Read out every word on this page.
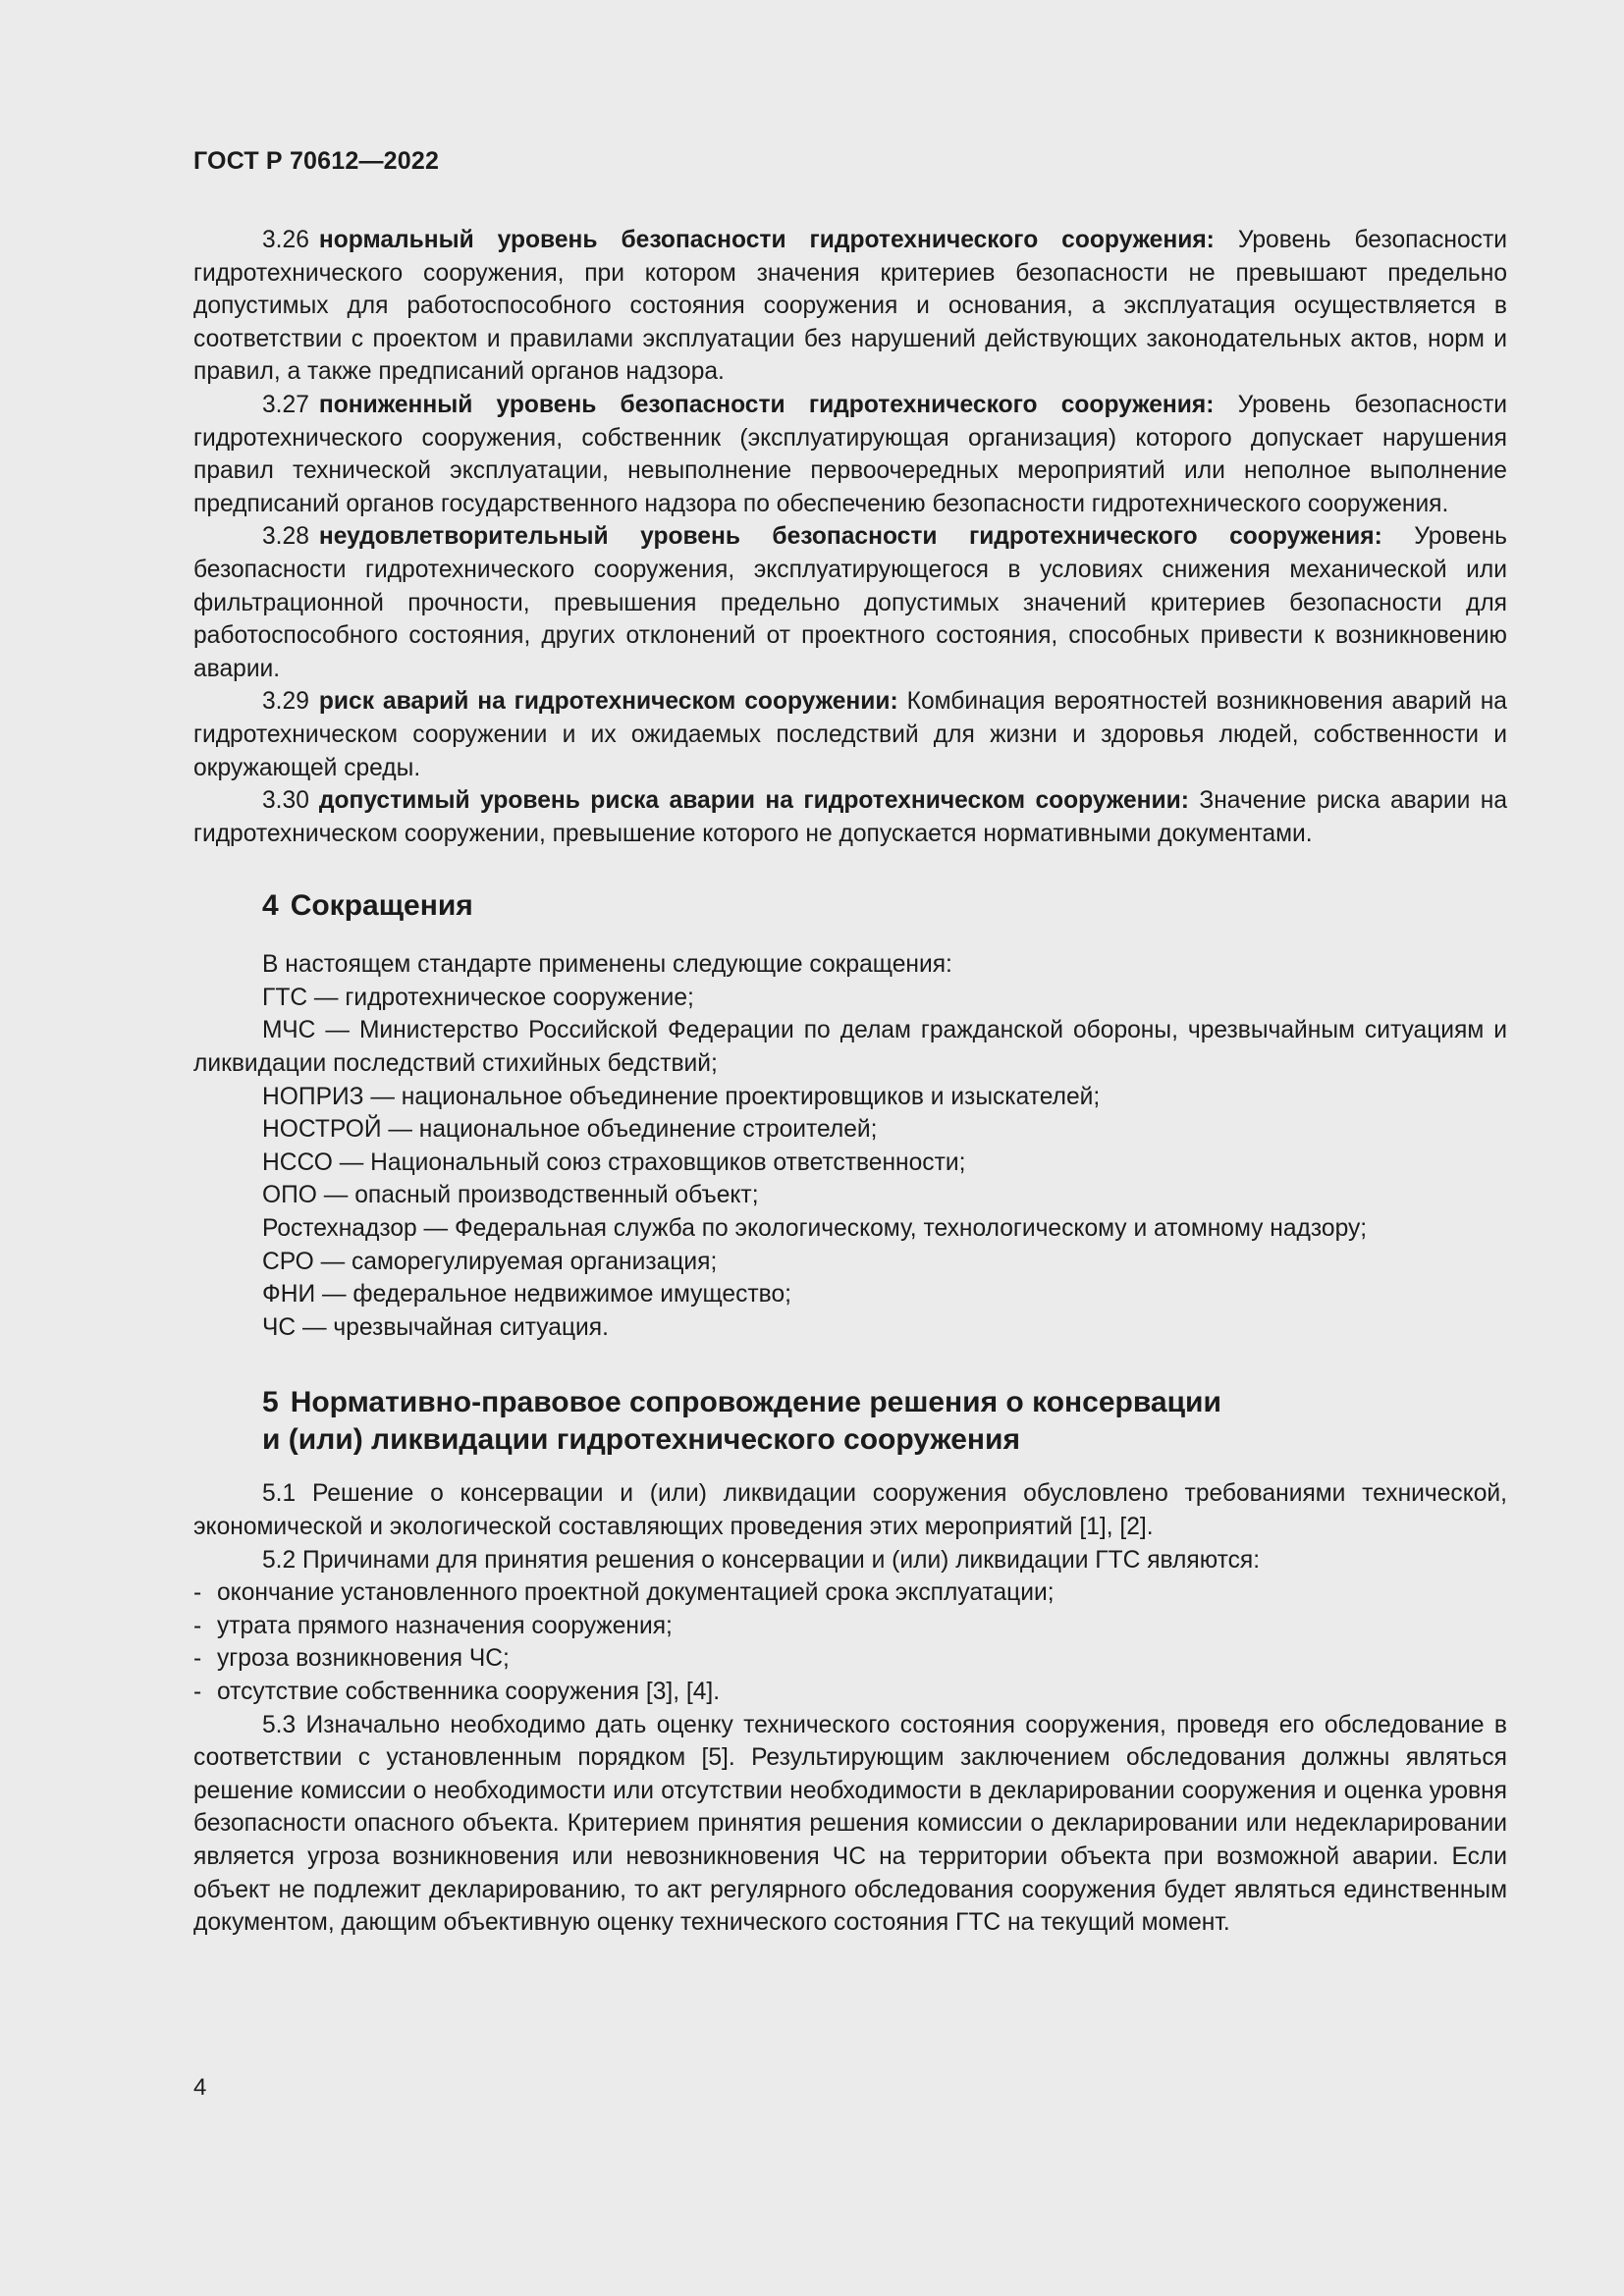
ГОСТ Р 70612—2022

3.26 нормальный уровень безопасности гидротехнического сооружения: Уровень безопасности гидротехнического сооружения, при котором значения критериев безопасности не превышают предельно допустимых для работоспособного состояния сооружения и основания, а эксплуатация осуществляется в соответствии с проектом и правилами эксплуатации без нарушений действующих законодательных актов, норм и правил, а также предписаний органов надзора.

3.27 пониженный уровень безопасности гидротехнического сооружения: Уровень безопасности гидротехнического сооружения, собственник (эксплуатирующая организация) которого допускает нарушения правил технической эксплуатации, невыполнение первоочередных мероприятий или неполное выполнение предписаний органов государственного надзора по обеспечению безопасности гидротехнического сооружения.

3.28 неудовлетворительный уровень безопасности гидротехнического сооружения: Уровень безопасности гидротехнического сооружения, эксплуатирующегося в условиях снижения механической или фильтрационной прочности, превышения предельно допустимых значений критериев безопасности для работоспособного состояния, других отклонений от проектного состояния, способных привести к возникновению аварии.

3.29 риск аварий на гидротехническом сооружении: Комбинация вероятностей возникновения аварий на гидротехническом сооружении и их ожидаемых последствий для жизни и здоровья людей, собственности и окружающей среды.

3.30 допустимый уровень риска аварии на гидротехническом сооружении: Значение риска аварии на гидротехническом сооружении, превышение которого не допускается нормативными документами.

4 Сокращения

В настоящем стандарте применены следующие сокращения:

ГТС — гидротехническое сооружение;

МЧС — Министерство Российской Федерации по делам гражданской обороны, чрезвычайным ситуациям и ликвидации последствий стихийных бедствий;

НОПРИЗ — национальное объединение проектировщиков и изыскателей;

НОСТРОЙ — национальное объединение строителей;

НССО — Национальный союз страховщиков ответственности;

ОПО — опасный производственный объект;

Ростехнадзор — Федеральная служба по экологическому, технологическому и атомному надзору;

СРО — саморегулируемая организация;

ФНИ — федеральное недвижимое имущество;

ЧС — чрезвычайная ситуация.

5 Нормативно-правовое сопровождение решения о консервации
и (или) ликвидации гидротехнического сооружения

5.1 Решение о консервации и (или) ликвидации сооружения обусловлено требованиями технической, экономической и экологической составляющих проведения этих мероприятий [1], [2].

5.2 Причинами для принятия решения о консервации и (или) ликвидации ГТС являются:

- окончание установленного проектной документацией срока эксплуатации;

- утрата прямого назначения сооружения;

- угроза возникновения ЧС;

- отсутствие собственника сооружения [3], [4].

5.3 Изначально необходимо дать оценку технического состояния сооружения, проведя его обследование в соответствии с установленным порядком [5]. Результирующим заключением обследования должны являться решение комиссии о необходимости или отсутствии необходимости в декларировании сооружения и оценка уровня безопасности опасного объекта. Критерием принятия решения комиссии о декларировании или недекларировании является угроза возникновения или невозникновения ЧС на территории объекта при возможной аварии. Если объект не подлежит декларированию, то акт регулярного обследования сооружения будет являться единственным документом, дающим объективную оценку технического состояния ГТС на текущий момент.

4
